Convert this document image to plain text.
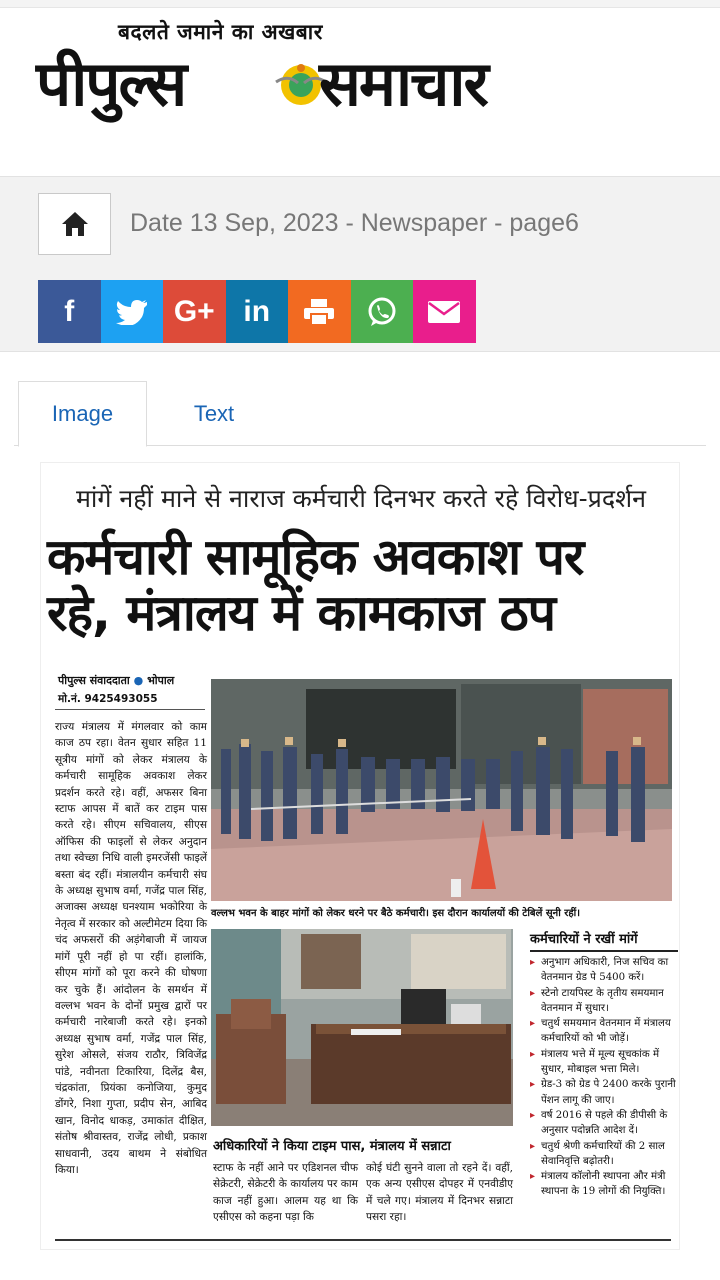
बदलते जमाने का अखबार
पीपुल्स समाचार
Date 13 Sep, 2023 - Newspaper - page6
f	G+ in
Image	Text
मांगें नहीं माने से नाराज कर्मचारी दिनभर करते रहे विरोध-प्रदर्शन
कर्मचारी सामूहिक अवकाश पर
रहे, मंत्रालय में कामकाज ठप
पीपुल्स संवाददाता ● भोपाल
मो.नं. 9425493055
राज्य मंत्रालय में मंगलवार को काम काज ठप रहा। वेतन सुधार सहित 11 सूत्रीय मांगों को लेकर मंत्रालय के कर्मचारी सामूहिक अवकाश लेकर प्रदर्शन करते रहे। वहीं, अफसर बिना स्टाफ आपस में बातें कर टाइम पास करते रहे। सीएम सचिवालय, सीएस ऑफिस की फाइलों से लेकर अनुदान तथा स्वेच्छा निधि वाली इमरजेंसी फाइलें बस्ता बंद रहीं। मंत्रालयीन कर्मचारी संघ के अध्यक्ष सुभाष वर्मा, गजेंद्र पाल सिंह, अजाक्स अध्यक्ष घनश्याम भकोरिया के नेतृत्व में सरकार को अल्टीमेटम दिया कि चंद अफसरों की अड़ंगेबाजी में जायज मांगें पूरी नहीं हो पा रहीं। हालांकि, सीएम मांगों को पूरा करने की घोषणा कर चुके हैं। आंदोलन के समर्थन में वल्लभ भवन के दोनों प्रमुख द्वारों पर कर्मचारी नारेबाजी करते रहे। इनको अध्यक्ष सुभाष वर्मा, गजेंद्र पाल सिंह, सुरेश ओसले, संजय राठौर, त्रिविजेंद्र पांडे, नवीनता टिकारिया, दिलेंद्र बैस, चंद्रकांता, प्रियंका कनोजिया, कुमुद डोंगरे, निशा गुप्ता, प्रदीप सेन, आबिद खान, विनोद धाकड़, उमाकांत दीक्षित, संतोष श्रीवास्तव, राजेंद्र लोधी, प्रकाश साधवानी, उदय बाथम ने संबोधित किया।
वल्लभ भवन के बाहर मांगों को लेकर धरने पर बैठे कर्मचारी। इस दौरान कार्यालयों की टेबिलें सूनी रहीं।
कर्मचारियों ने रखीं मांगें
▸ अनुभाग अधिकारी, निज सचिव का वेतनमान ग्रेड पे 5400 करें।
▸ स्टेनो टायपिस्ट के तृतीय समयमान वेतनमान में सुधार।
▸ चतुर्थ समयमान वेतनमान में मंत्रालय कर्मचारियों को भी जोड़ें।
▸ मंत्रालय भत्ते में मूल्य सूचकांक में सुधार, मोबाइल भत्ता मिले।
▸ ग्रेड-3 को ग्रेड पे 2400 करके पुरानी पेंशन लागू की जाए।
▸ वर्ष 2016 से पहले की डीपीसी के अनुसार पदोन्नति आदेश दें।
▸ चतुर्थ श्रेणी कर्मचारियों की 2 साल सेवानिवृत्ति बढ़ोतरी।
▸ मंत्रालय कॉलोनी स्थापना और मंत्री स्थापना के 19 लोगों की नियुक्ति।
अधिकारियों ने किया टाइम पास, मंत्रालय में सन्नाटा
स्टाफ के नहीं आने पर एडिशनल चीफ सेक्रेटरी, सेक्रेटरी के कार्यालय पर काम काज नहीं हुआ। आलम यह था कि एसीएस को कहना पड़ा कि
कोई घंटी सुनने वाला तो रहने दें। वहीं, एक अन्य एसीएस दोपहर में एनवीडीए में चले गए। मंत्रालय में दिनभर सन्नाटा पसरा रहा।
